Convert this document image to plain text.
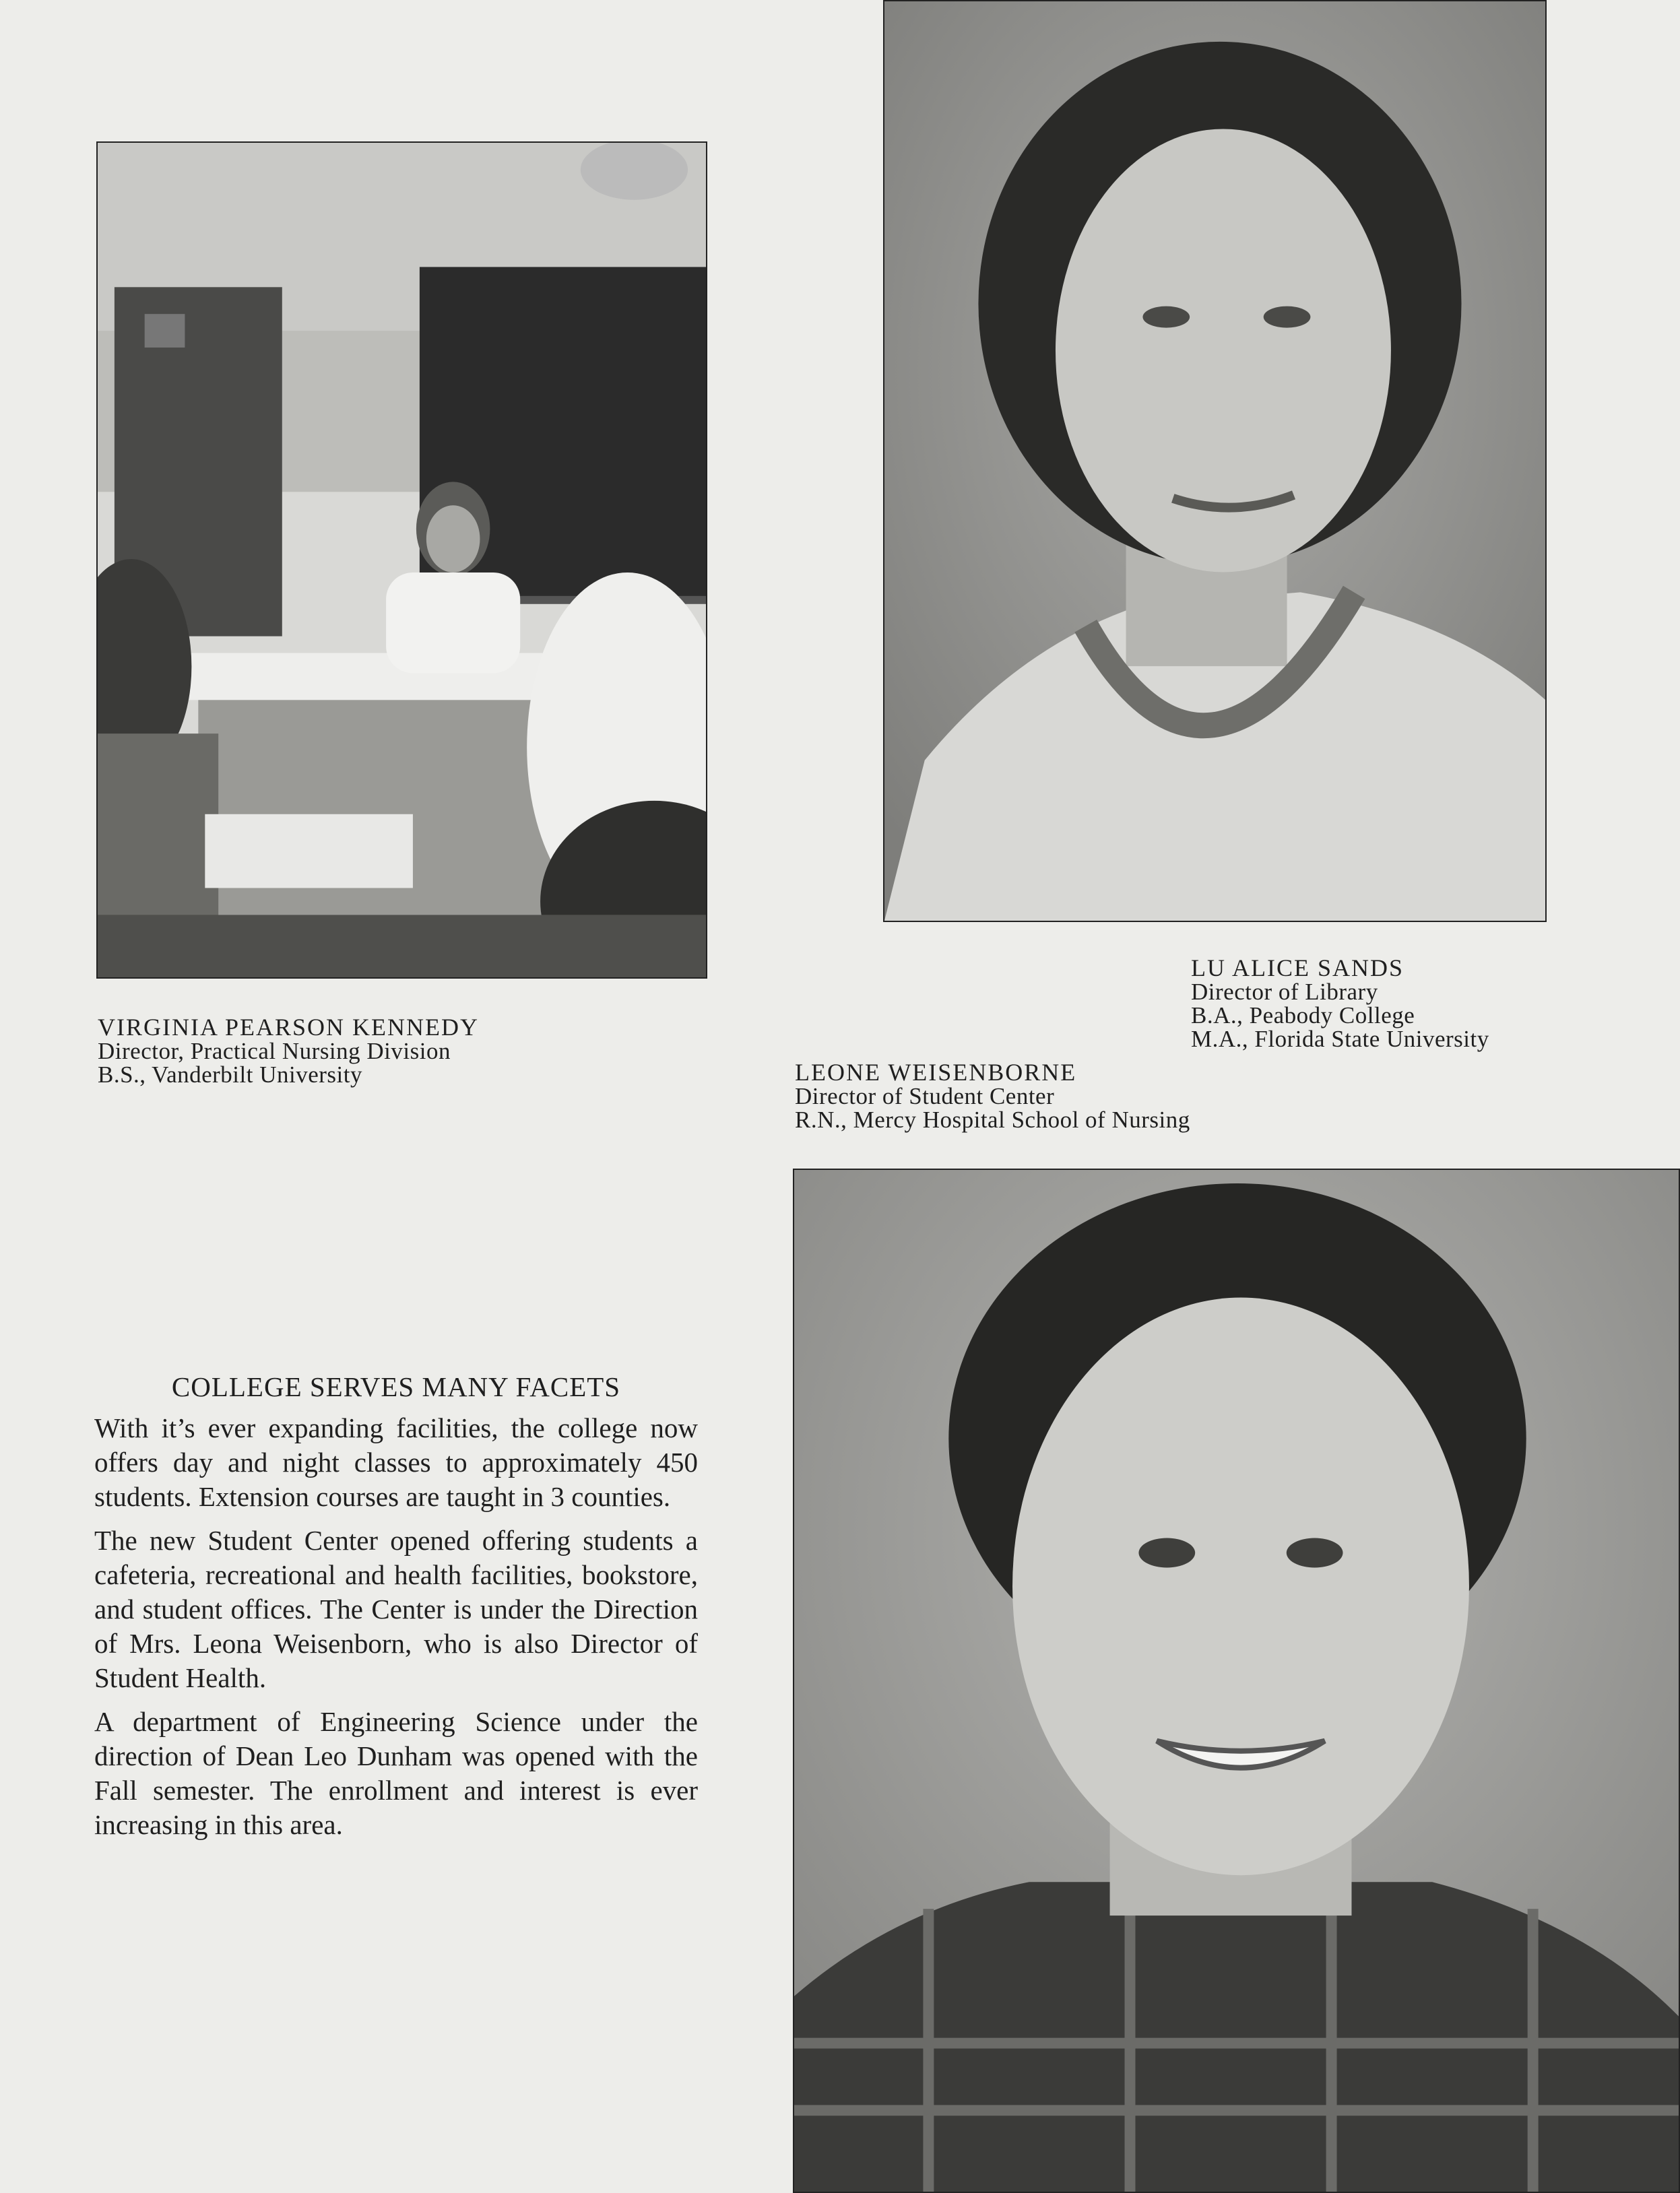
VIRGINIA PEARSON KENNEDY
Director, Practical Nursing Division
B.S., Vanderbilt University
LU ALICE SANDS
Director of Library
B.A., Peabody College
M.A., Florida State University
LEONE WEISENBORNE
Director of Student Center
R.N., Mercy Hospital School of Nursing
COLLEGE SERVES MANY FACETS

With it’s ever expanding facilities, the college now offers day and night classes to approximately 450 students. Extension courses are taught in 3 counties.

The new Student Center opened offering students a cafeteria, recreational and health facilities, bookstore, and student offices. The Center is under the Direction of Mrs. Leona Weisenborn, who is also Director of Student Health.

A department of Engineering Science under the direction of Dean Leo Dunham was opened with the Fall semester. The enrollment and interest is ever increasing in this area.
